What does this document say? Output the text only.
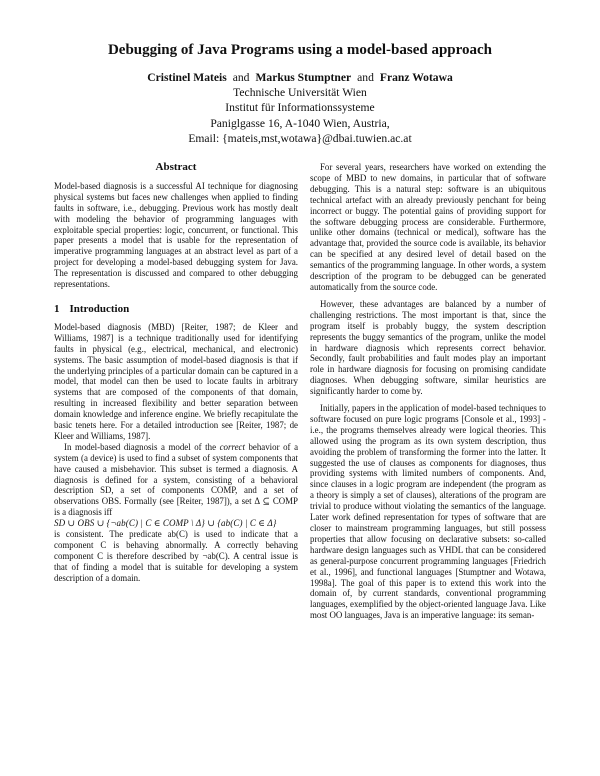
Debugging of Java Programs using a model-based approach
Cristinel Mateis and Markus Stumptner and Franz Wotawa
Technische Universität Wien
Institut für Informationssysteme
Paniglgasse 16, A-1040 Wien, Austria,
Email: {mateis,mst,wotawa}@dbai.tuwien.ac.at
Abstract

Model-based diagnosis is a successful AI technique for diagnosing physical systems but faces new challenges when applied to finding faults in software, i.e., debugging. Previous work has mostly dealt with modeling the behavior of programming languages with exploitable special properties: logic, concurrent, or functional. This paper presents a model that is usable for the representation of imperative programming languages at an abstract level as part of a project for developing a model-based debugging system for Java. The representation is discussed and compared to other debugging representations.

1 Introduction

Model-based diagnosis (MBD) [Reiter, 1987; de Kleer and Williams, 1987] is a technique traditionally used for identifying faults in physical (e.g., electrical, mechanical, and electronic) systems. The basic assumption of model-based diagnosis is that if the underlying principles of a particular domain can be captured in a model, that model can then be used to locate faults in arbitrary systems that are composed of the components of that domain, resulting in increased flexibility and better separation between domain knowledge and inference engine. We briefly recapitulate the basic tenets here. For a detailed introduction see [Reiter, 1987; de Kleer and Williams, 1987].

In model-based diagnosis a model of the correct behavior of a system (a device) is used to find a subset of system components that have caused a misbehavior. This subset is termed a diagnosis. A diagnosis is defined for a system, consisting of a behavioral description SD, a set of components COMP, and a set of observations OBS. Formally (see [Reiter, 1987]), a set Δ ⊆ COMP is a diagnosis iff

SD ∪ OBS ∪ {¬ab(C) | C ∈ COMP \ Δ} ∪ {ab(C) | C ∈ Δ}

is consistent. The predicate ab(C) is used to indicate that a component C is behaving abnormally. A correctly behaving component C is therefore described by ¬ab(C). A central issue is that of finding a model that is suitable for developing a system description of a domain.

For several years, researchers have worked on extending the scope of MBD to new domains, in particular that of software debugging. This is a natural step: software is an ubiquitous technical artefact with an already previously penchant for being incorrect or buggy. The potential gains of providing support for the software debugging process are considerable. Furthermore, unlike other domains (technical or medical), software has the advantage that, provided the source code is available, its behavior can be specified at any desired level of detail based on the semantics of the programming language. In other words, a system description of the program to be debugged can be generated automatically from the source code.

However, these advantages are balanced by a number of challenging restrictions. The most important is that, since the program itself is probably buggy, the system description represents the buggy semantics of the program, unlike the model in hardware diagnosis which represents correct behavior. Secondly, fault probabilities and fault modes play an important role in hardware diagnosis for focusing on promising candidate diagnoses. When debugging software, similar heuristics are significantly harder to come by.

Initially, papers in the application of model-based techniques to software focused on pure logic programs [Console et al., 1993] - i.e., the programs themselves already were logical theories. This allowed using the program as its own system description, thus avoiding the problem of transforming the former into the latter. It suggested the use of clauses as components for diagnoses, thus providing systems with limited numbers of components. And, since clauses in a logic program are independent (the program as a theory is simply a set of clauses), alterations of the program are trivial to produce without violating the semantics of the language. Later work defined representation for types of software that are closer to mainstream programming languages, but still possess properties that allow focusing on declarative subsets: so-called hardware design languages such as VHDL that can be considered as general-purpose concurrent programming languages [Friedrich et al., 1996], and functional languages [Stumptner and Wotawa, 1998a]. The goal of this paper is to extend this work into the domain of, by current standards, conventional programming languages, exemplified by the object-oriented language Java. Like most OO languages, Java is an imperative language: its seman-
